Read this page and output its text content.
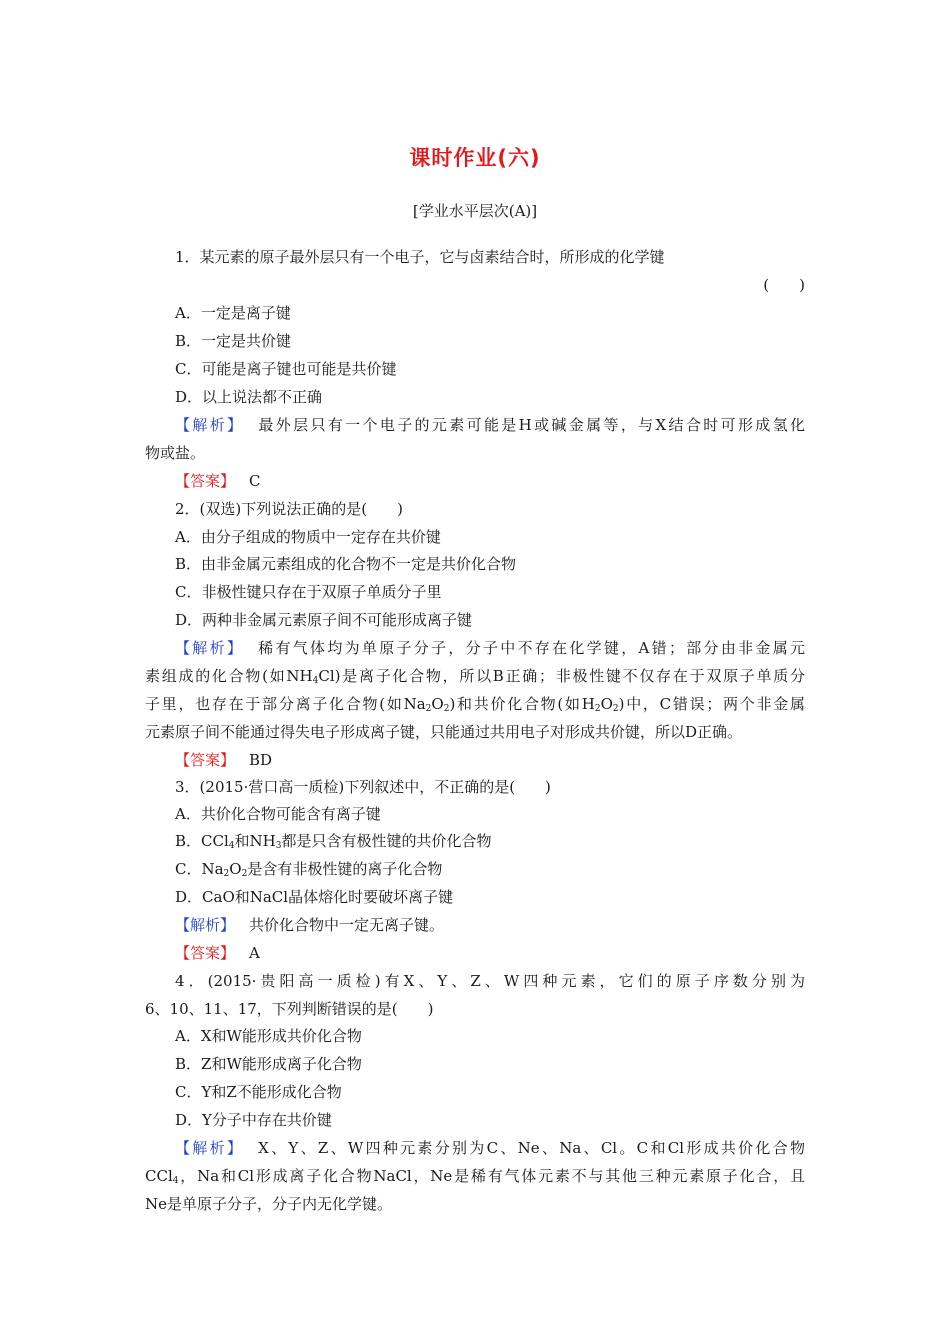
课时作业(六)
[学业水平层次(A)]
1．某元素的原子最外层只有一个电子，它与卤素结合时，所形成的化学键
(　　)
A．一定是离子键
B．一定是共价键
C．可能是离子键也可能是共价键
D．以上说法都不正确
【解析】 最外层只有一个电子的元素可能是H或碱金属等，与X结合时可形成氢化
物或盐。
【答案】 C
2．(双选)下列说法正确的是(　　)
A．由分子组成的物质中一定存在共价键
B．由非金属元素组成的化合物不一定是共价化合物
C．非极性键只存在于双原子单质分子里
D．两种非金属元素原子间不可能形成离子键
【解析】 稀有气体均为单原子分子，分子中不存在化学键，A错；部分由非金属元
素组成的化合物(如$NH_4Cl$)是离子化合物，所以B正确；非极性键不仅存在于双原子单质分
子里，也存在于部分离子化合物(如$Na_2O_2$)和共价化合物(如$H_2O_2$)中，C错误；两个非金属
元素原子间不能通过得失电子形成离子键，只能通过共用电子对形成共价键，所以D正确。
【答案】 BD
3．(2015·营口高一质检)下列叙述中，不正确的是(　　)
A．共价化合物可能含有离子键
B．CCl$_4$和$NH_3$都是只含有极性键的共价化合物
C．$Na_2O_2$是含有非极性键的离子化合物
D．CaO和NaCl晶体熔化时要破坏离子键
【解析】 共价化合物中一定无离子键。
【答案】 A
4．(2015·贵阳高一质检)有X、Y、Z、W四种元素，它们的原子序数分别为
6、10、11、17，下列判断错误的是(　　)
A．X和W能形成共价化合物
B．Z和W能形成离子化合物
C．Y和Z不能形成化合物
D．Y分子中存在共价键
【解析】 X、Y、Z、W四种元素分别为C、Ne、Na、Cl。C和Cl形成共价化合物
CCl$_4$，Na和Cl形成离子化合物NaCl，Ne是稀有气体元素不与其他三种元素原子化合，且
Ne是单原子分子，分子内无化学键。
